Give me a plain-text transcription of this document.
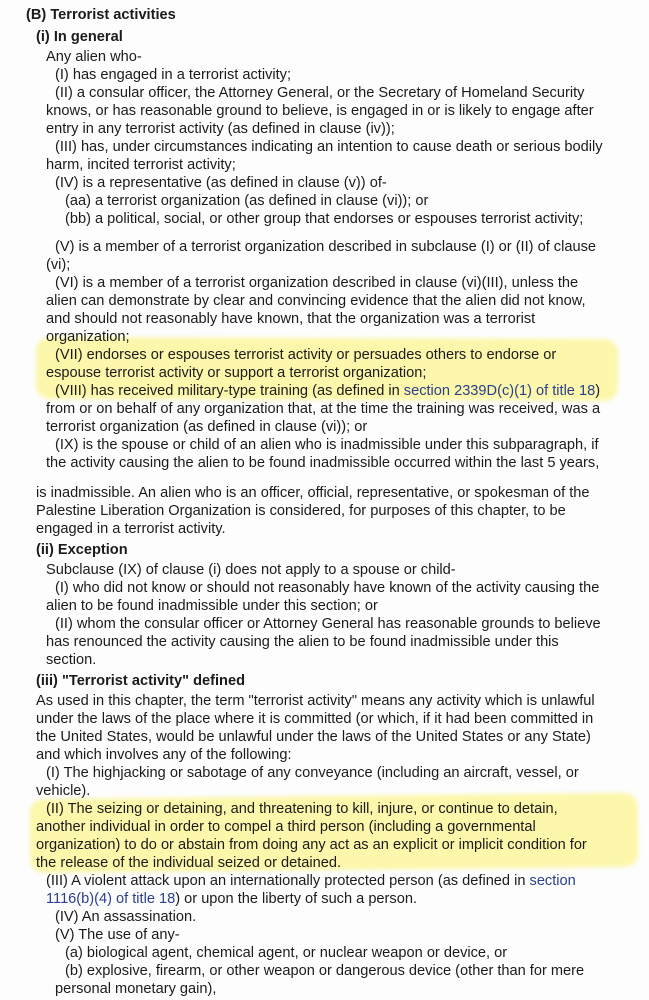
(B) Terrorist activities
(i) In general
Any alien who-
(I) has engaged in a terrorist activity;
(II) a consular officer, the Attorney General, or the Secretary of Homeland Security
knows, or has reasonable ground to believe, is engaged in or is likely to engage after
entry in any terrorist activity (as defined in clause (iv));
(III) has, under circumstances indicating an intention to cause death or serious bodily
harm, incited terrorist activity;
(IV) is a representative (as defined in clause (v)) of-
(aa) a terrorist organization (as defined in clause (vi)); or
(bb) a political, social, or other group that endorses or espouses terrorist activity;
(V) is a member of a terrorist organization described in subclause (I) or (II) of clause
(vi);
(VI) is a member of a terrorist organization described in clause (vi)(III), unless the
alien can demonstrate by clear and convincing evidence that the alien did not know,
and should not reasonably have known, that the organization was a terrorist
organization;
(VII) endorses or espouses terrorist activity or persuades others to endorse or
espouse terrorist activity or support a terrorist organization;
(VIII) has received military-type training (as defined in section 2339D(c)(1) of title 18)
from or on behalf of any organization that, at the time the training was received, was a
terrorist organization (as defined in clause (vi)); or
(IX) is the spouse or child of an alien who is inadmissible under this subparagraph, if
the activity causing the alien to be found inadmissible occurred within the last 5 years,
is inadmissible. An alien who is an officer, official, representative, or spokesman of the
Palestine Liberation Organization is considered, for purposes of this chapter, to be
engaged in a terrorist activity.
(ii) Exception
Subclause (IX) of clause (i) does not apply to a spouse or child-
(I) who did not know or should not reasonably have known of the activity causing the
alien to be found inadmissible under this section; or
(II) whom the consular officer or Attorney General has reasonable grounds to believe
has renounced the activity causing the alien to be found inadmissible under this
section.
(iii) "Terrorist activity" defined
As used in this chapter, the term "terrorist activity" means any activity which is unlawful
under the laws of the place where it is committed (or which, if it had been committed in
the United States, would be unlawful under the laws of the United States or any State)
and which involves any of the following:
(I) The highjacking or sabotage of any conveyance (including an aircraft, vessel, or
vehicle).
(II) The seizing or detaining, and threatening to kill, injure, or continue to detain,
another individual in order to compel a third person (including a governmental
organization) to do or abstain from doing any act as an explicit or implicit condition for
the release of the individual seized or detained.
(III) A violent attack upon an internationally protected person (as defined in section
1116(b)(4) of title 18) or upon the liberty of such a person.
(IV) An assassination.
(V) The use of any-
(a) biological agent, chemical agent, or nuclear weapon or device, or
(b) explosive, firearm, or other weapon or dangerous device (other than for mere
personal monetary gain),
